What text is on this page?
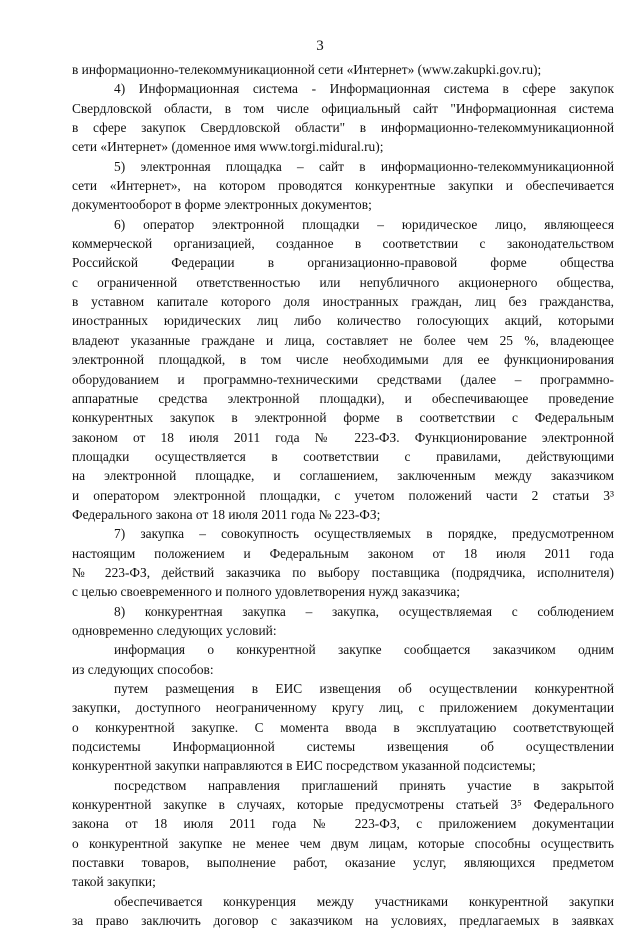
3
в информационно-телекоммуникационной сети «Интернет» (www.zakupki.gov.ru);
4) Информационная система - Информационная система в сфере закупок
Свердловской области, в том числе официальный сайт "Информационная система
в сфере закупок Свердловской области" в информационно-телекоммуникационной
сети «Интернет» (доменное имя www.torgi.midural.ru);
5) электронная площадка – сайт в информационно-телекоммуникационной
сети «Интернет», на котором проводятся конкурентные закупки и обеспечивается
документооборот в форме электронных документов;
6) оператор электронной площадки – юридическое лицо, являющееся
коммерческой организацией, созданное в соответствии с законодательством
Российской Федерации в организационно-правовой форме общества
с ограниченной ответственностью или непубличного акционерного общества,
в уставном капитале которого доля иностранных граждан, лиц без гражданства,
иностранных юридических лиц либо количество голосующих акций, которыми
владеют указанные граждане и лица, составляет не более чем 25 %, владеющее
электронной площадкой, в том числе необходимыми для ее функционирования
оборудованием и программно-техническими средствами (далее – программно-
аппаратные средства электронной площадки), и обеспечивающее проведение
конкурентных закупок в электронной форме в соответствии с Федеральным
законом от 18 июля 2011 года № 223-ФЗ. Функционирование электронной
площадки осуществляется в соответствии с правилами, действующими
на электронной площадке, и соглашением, заключенным между заказчиком
и оператором электронной площадки, с учетом положений части 2 статьи 3³
Федерального закона от 18 июля 2011 года № 223-ФЗ;
7) закупка – совокупность осуществляемых в порядке, предусмотренном
настоящим положением и Федеральным законом от 18 июля 2011 года
№ 223-ФЗ, действий заказчика по выбору поставщика (подрядчика, исполнителя)
с целью своевременного и полного удовлетворения нужд заказчика;
8) конкурентная закупка – закупка, осуществляемая с соблюдением
одновременно следующих условий:
информация о конкурентной закупке сообщается заказчиком одним
из следующих способов:
путем размещения в ЕИС извещения об осуществлении конкурентной
закупки, доступного неограниченному кругу лиц, с приложением документации
о конкурентной закупке. С момента ввода в эксплуатацию соответствующей
подсистемы Информационной системы извещения об осуществлении
конкурентной закупки направляются в ЕИС посредством указанной подсистемы;
посредством направления приглашений принять участие в закрытой
конкурентной закупке в случаях, которые предусмотрены статьей 3⁵ Федерального
закона от 18 июля 2011 года № 223-ФЗ, с приложением документации
о конкурентной закупке не менее чем двум лицам, которые способны осуществить
поставки товаров, выполнение работ, оказание услуг, являющихся предметом
такой закупки;
обеспечивается конкуренция между участниками конкурентной закупки
за право заключить договор с заказчиком на условиях, предлагаемых в заявках
